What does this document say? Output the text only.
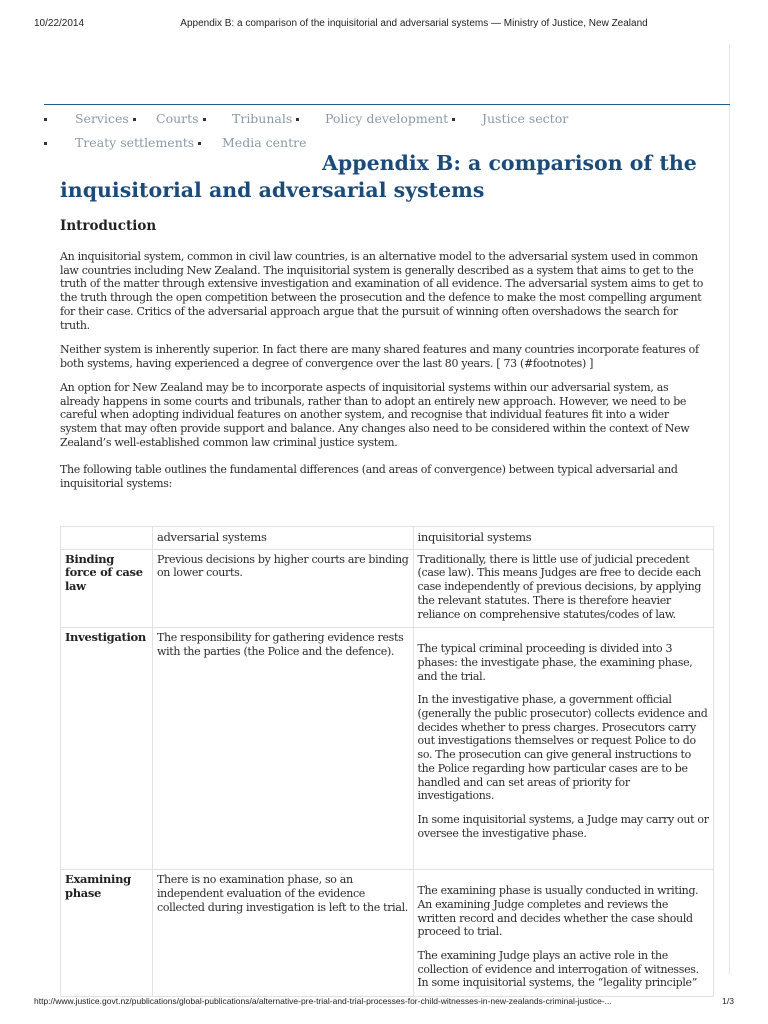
10/22/2014	Appendix B: a comparison of the inquisitorial and adversarial systems — Ministry of Justice, New Zealand
Services	Courts	Tribunals	Policy development	Justice sector
Treaty settlements	Media centre
Appendix B: a comparison of the inquisitorial and adversarial systems
Introduction

An inquisitorial system, common in civil law countries, is an alternative model to the adversarial system used in common law countries including New Zealand. The inquisitorial system is generally described as a system that aims to get to the truth of the matter through extensive investigation and examination of all evidence. The adversarial system aims to get to the truth through the open competition between the prosecution and the defence to make the most compelling argument for their case. Critics of the adversarial approach argue that the pursuit of winning often overshadows the search for truth.

Neither system is inherently superior. In fact there are many shared features and many countries incorporate features of both systems, having experienced a degree of convergence over the last 80 years. [ 73 (#footnotes) ]

An option for New Zealand may be to incorporate aspects of inquisitorial systems within our adversarial system, as already happens in some courts and tribunals, rather than to adopt an entirely new approach. However, we need to be careful when adopting individual features on another system, and recognise that individual features fit into a wider system that may often provide support and balance. Any changes also need to be considered within the context of New Zealand’s well-established common law criminal justice system.

The following table outlines the fundamental differences (and areas of convergence) between typical adversarial and inquisitorial systems:

	adversarial systems	inquisitorial systems
Binding force of case law	Previous decisions by higher courts are binding on lower courts.	Traditionally, there is little use of judicial precedent (case law). This means Judges are free to decide each case independently of previous decisions, by applying the relevant statutes. There is therefore heavier reliance on comprehensive statutes/codes of law.

Investigation	The responsibility for gathering evidence rests with the parties (the Police and the defence).	The typical criminal proceeding is divided into 3 phases: the investigate phase, the examining phase, and the trial.

In the investigative phase, a government official (generally the public prosecutor) collects evidence and decides whether to press charges. Prosecutors carry out investigations themselves or request Police to do so. The prosecution can give general instructions to the Police regarding how particular cases are to be handled and can set areas of priority for investigations.

In some inquisitorial systems, a Judge may carry out or oversee the investigative phase.

Examining phase	There is no examination phase, so an independent evaluation of the evidence collected during investigation is left to the trial.	The examining phase is usually conducted in writing. An examining Judge completes and reviews the written record and decides whether the case should proceed to trial.

The examining Judge plays an active role in the collection of evidence and interrogation of witnesses. In some inquisitorial systems, the “legality principle”

http://www.justice.govt.nz/publications/global-publications/a/alternative-pre-trial-and-trial-processes-for-child-witnesses-in-new-zealands-criminal-justice-...	1/3
